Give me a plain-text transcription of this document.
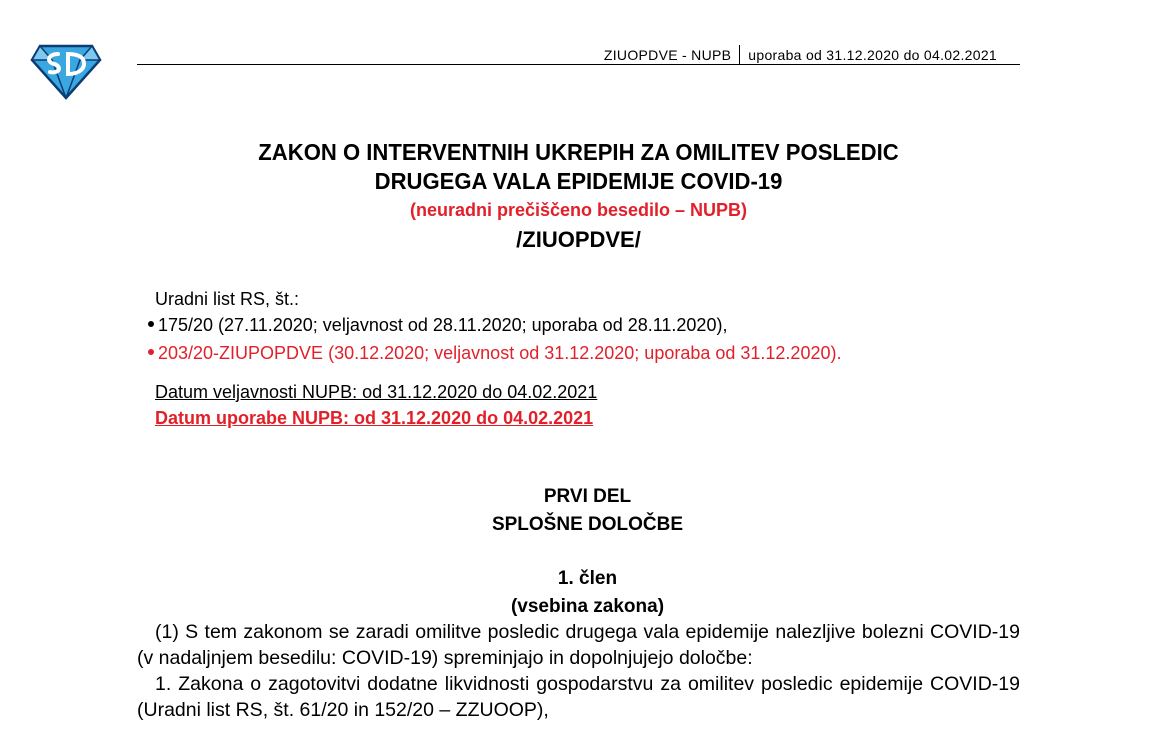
ZIUOPDVE - NUPB uporaba od 31.12.2020 do 04.02.2021
ZAKON O INTERVENTNIH UKREPIH ZA OMILITEV POSLEDIC
DRUGEGA VALA EPIDEMIJE COVID-19
(neuradni prečiščeno besedilo – NUPB)
/ZIUOPDVE/
Uradni list RS, št.:
175/20 (27.11.2020; veljavnost od 28.11.2020; uporaba od 28.11.2020),
203/20-ZIUPOPDVE (30.12.2020; veljavnost od 31.12.2020; uporaba od 31.12.2020).
Datum veljavnosti NUPB: od 31.12.2020 do 04.02.2021
Datum uporabe NUPB: od 31.12.2020 do 04.02.2021
PRVI DEL
SPLOŠNE DOLOČBE
1. člen
(vsebina zakona)

(1) S tem zakonom se zaradi omilitve posledic drugega vala epidemije nalezljive bolezni COVID-19 (v nadaljnjem besedilu: COVID-19) spreminjajo in dopolnjujejo določbe:

1. Zakona o zagotovitvi dodatne likvidnosti gospodarstvu za omilitev posledic epidemije COVID-19 (Uradni list RS, št. 61/20 in 152/20 – ZZUOOP),
